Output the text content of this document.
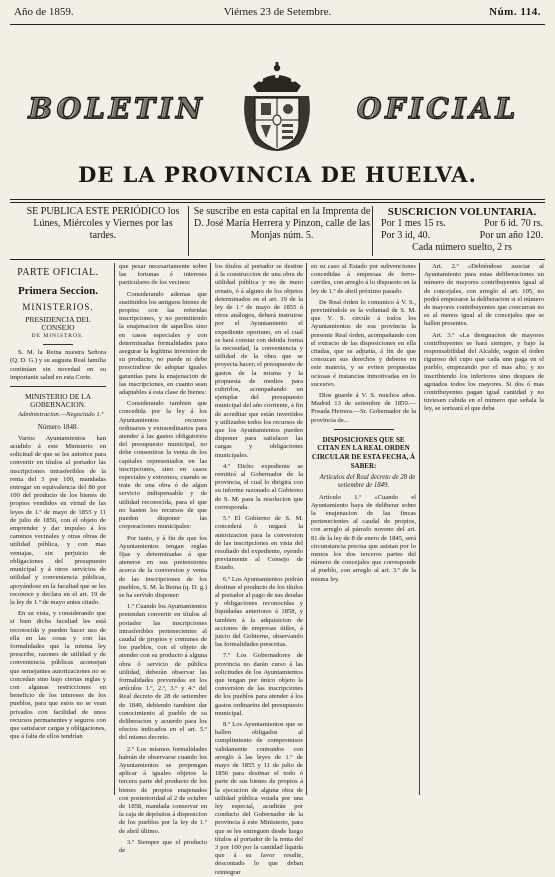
Año de 1859.	Viérnes 23 de Setembre.	Núm. 114.
BOLETIN	OFICIAL
DE LA PROVINCIA DE HUELVA.
SE PUBLICA ESTE PERIÓDICO los Lúnes, Miércoles y Viernes por las tardes.
Se suscribe en esta capital en la Imprenta de D. José María Herrera y Pinzon, calle de las Monjas núm. 5.
SUSCRICION VOLUNTARIA.
Por 1 mes 15 rs.	Por 6 id. 70 rs.
Por 3 id, 40.	Por un año 120.
Cada número suelto, 2 rs
PARTE OFICIAL.
Primera Seccion.
MINISTERIOS.
PRESIDENCIA DEL CONSEJO
DE MINISTROS.

S. M. la Reina nuestra Señora (Q. D. G.) y su augusta Real familia continúan sin novedad en su importante salud en esta Corte.

MINISTERIO DE LA GOBERNACION.

Administracion.—Negociado 1.º

Número 1848.

Varios Ayuntamientos han acudido á este Ministerio en solicitud de que se les autorice para convertir en títulos al portador las inscripciones intrasferibles de la renta del 3 por 100, mandadas entregar en equivalencia del 80 por 100 del producto de los bienes de propios vendidos en virtud de las leyes de 1.º de mayo de 1855 y 11 de julio de 1856, con el objeto de emprender y dar impulso á los caminos vecinales y otras obras de utilidad pública, y con mas ventajas, sin perjuicio de obligaciones del presupuesto municipal y á otros servicios de utilidad y conveniencia públicas, apoyándose en la facultad que se les reconoce y declara en el art. 19 de la ley de 1.º de mayo antes citado.

En su vista, y considerando que si bien dicha facultad les está reconocida y pueden hacer uso de ella en las cosas y con las formalidades que la misma ley prescribe, razones de utilidad y de conveniencia públicas aconsejan que semejantes autorizaciones no se concedan sino bajo ciertas reglas y con algunas restricciones en beneficio de los intereses de los pueblos, para que estos no se vean privados con facilidad de unos recursos permanentes y seguros con que satisfacer cargas y obligaciones, que á falta de ellos tendrían

que pesar necesariamente sobre las fortunas é intereses particulares de los vecinos:

Considerando ademas que sustituidos los antiguos bienes de propios con las referidas inscripciones, y no permitiendo la enajenacion de aquellos sino en casos especiales y con determinadas formalidades para asegurar la legítima inversion de su producto, no puede ni debe prescindirse de adoptar iguales garantías para la enajenacion de las inscripciones, en cuanto sean adaptables á esta clase de bienes:

Considerando tambien que concedida por la ley á los Ayuntamientos recursos ordinarios y extraordinarios para atender á las gastos obligatorios del presupuesto municipal, no debe consentirse la venta de los capitales representados en las inscripciones, sino en casos especiales y extremos, cuando se trate de una obra ó de algun servicio indispensable y de utilidad reconocida, para el que no basten los recursos de que pueden disponer las corporaciones municipales:

Por tanto, y á fin de que los Ayuntamientos tengan reglas fijas y determinadas á que atenerse en sus pretensiones acerca de la conversion y venta de las inscripciones de los pueblos, S. M. la Reina (q. D. g.) se ha servido disponer:

1.º Cuando los Ayuntamientos pretendan convertir en títulos al portador las inscripciones intrasferibles pertenecientes al caudal de propios y comunes de los pueblos, con el objeto de atender con su producto á alguna obra ó servicio de pública utilidad, deberán observar las formalidades prevenidas en los artículos 1.º, 2.º, 3.º y 4.º del Real decreto de 28 de setiembre de 1849, debiendo tambien dar conocimiento al pueblo de su deliberacion y acuerdo para los efectos indicados en el art. 5.º del mismo decreto.

2.º Los mismos formalidades habrán de observarse cuando los Ayuntamientos se propongan aplicar á iguales objetos la tercera parte del producto de los bienes de propios enajenados con posterioridad al 2 de octubre de 1858, mandada conservar en la caja de depósitos á disposicion de los pueblos por la ley de 1.º de abril último.

3.º Siempre que el producto de

los títulos al portador se destine á la construccion de una obra de utilidad pública y no de mero ornato, ó á alguno de los objetos determinados en el art. 19 de la ley de 1.º de mayo de 1855 ú otros análogos, deberá instruirse por el Ayuntamiento el expediente oportuno, en el cual se hará constar con debida forma la necesidad, la conveniencia y utilidad de la obra que se proyecta hacer; el presupuesto de gastos de la misma y la propuesta de medios para cubrirlos, acompañando un ejemplar del presupuesto municipal del año corriente, á fin de acreditar que están invertidos y utilizados todos los recursos de que los Ayuntamientos pueden disponer para satisfacer las cargas y obligaciones municipales.

4.º Dicho expediente se remitirá al Gobernador de la provincia, el cual lo dirigirá con su informe razonado al Gobierno de S. M. para la resolucion que corresponda.

5.º El Gobierno de S. M. concederá ó negará la autorizacion para la conversion de las inscripciones en vista del resultado del expediente, oyendo previamente al Consejo de Estado.

6.º Los Ayuntamientos podrán destinar el producto de los títulos al portador al pago de sus deudas y obligaciones reconocidas y liquidadas anteriores á 1858, y tambien á la adquisicion de acciones de empresas útiles, á juicio del Gobierno, observando las formalidades prescritas.

7.º Los Gobernadores de provincia no darán curso á las solicitudes de los Ayuntamientos que tengan por único objeto la conversion de las inscripciones de los pueblos para atender á los gastos ordinarios del presupuesto municipal.

8.º Los Ayuntamientos que se hallen obligados al cumplimiento de compromisos validamente contraidos con arreglo á las leyes de 1.º de mayo de 1855 y 11 de julio de 1856 para destinar el todo ó parte de sus bienes de propios á la ejecucion de alguna obra de utilidad pública votada por una ley especial, acudirán por conducto del Gobernador de la provincia á este Ministerio, para que se les entreguen desde luego títulos al portador de la renta del 3 por 100 por la cantidad líquida que á su favor resulte, descontado lo que deban reintegrar

en su caso al Estado por subvenciones concedidas á empresas de ferro-carriles, con arreglo á lo dispuesto en la ley de 1.º de abril próximo pasado.

De Real órden lo comunico á V. S., previniéndole es la voluntad de S. M. que V. S. circule á todos los Ayuntamientos de esa provincia la presente Real órden, acompañando con el extracto de las disposiciones en ella citadas, que se adjunta, á fin de que conozcan sus derechos y deberes en este materia, y se eviten propuestas ociosas é instancias inmotivadas en lo sucesivo.

Dios guarde á V. S. muchos años. Madrid 13 de setiembre de 1859.—Posada Herrera.—Sr. Gobernador de la provincia de...

DISPOSICIONES QUE SE CITAN EN LA REAL ORDEN CIRCULAR DE ESTA FECHA, Á SABER:

Artículos del Real decreto de 28 de setiembre de 1849.

Artículo 1.º «Cuando el Ayuntamiento haya de deliberar sobre la enajenacion de las fincas pertenecientes al caudal de propios, con arreglo al párrafo noveno del art. 81 de la ley de 8 de enero de 1845, será circunstancia precisa que asistan por lo menos los dos terceros partes del número de concejales que corresponde al pueblo, con arreglo al art. 3.º de la misma ley.

Art. 2.º «Debiéndose asociar al Ayuntamiento para estas deliberaciones un número de mayores contribuyentes igual al de concejales, con arreglo al art. 105, no podrá empezarse la deliberacion si el número de mayores contribuyentes que concurran no es al menos igual al de concejales que se hallen presentes.

Art. 3.º «La designacion de mayores contribuyentes se hará siempre, y bajo la responsabilidad del Alcalde, segun el órden riguroso del cupo que cada uno paga en el pueblo, empezando por el mas alto, y no inscribiendo los inferiores sino despues de agotados todos los mayores. Si dos ó mas contribuyentes pagan igual cantidad y no tuviesen cabida en el número que señala la ley, se sorteará el que deba
